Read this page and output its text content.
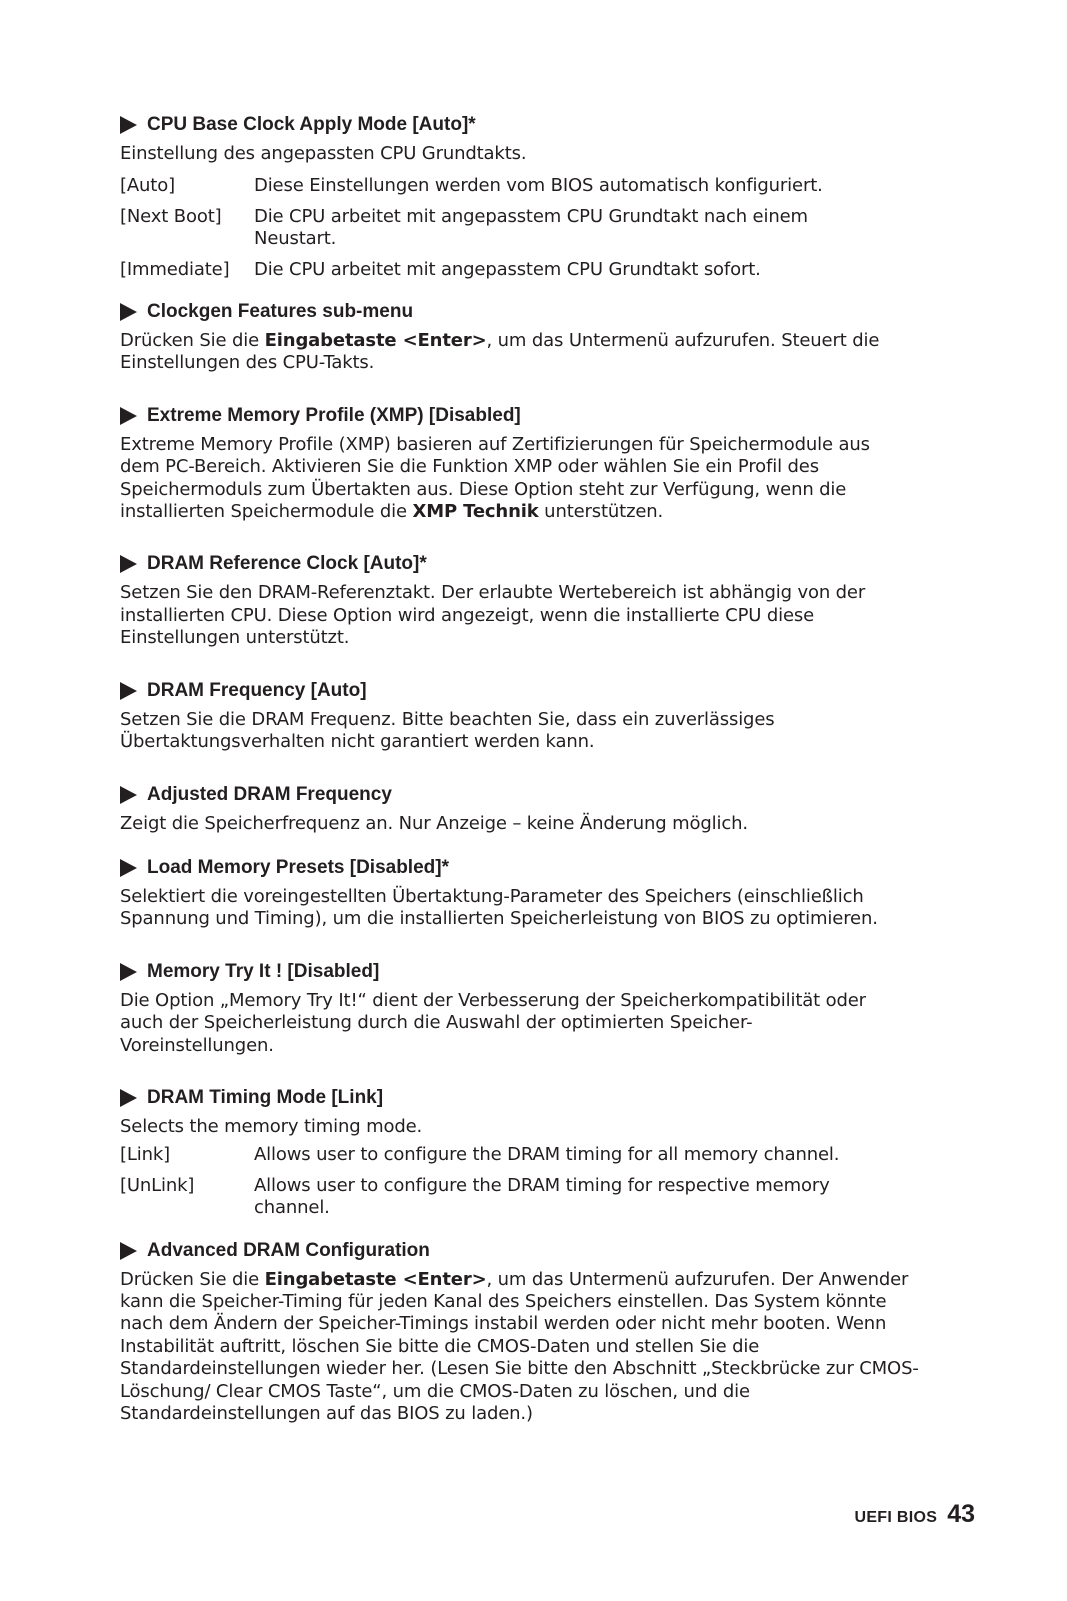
CPU Base Clock Apply Mode [Auto]*

Einstellung des angepassten CPU Grundtakts.

[Auto]	Diese Einstellungen werden vom BIOS automatisch konfiguriert.
[Next Boot]	Die CPU arbeitet mit angepasstem CPU Grundtakt nach einem Neustart.
[Immediate]	Die CPU arbeitet mit angepasstem CPU Grundtakt sofort.
Clockgen Features sub-menu

Drücken Sie die Eingabetaste <Enter>, um das Untermenü aufzurufen. Steuert die Einstellungen des CPU-Takts.

Extreme Memory Profile (XMP) [Disabled]

Extreme Memory Profile (XMP) basieren auf Zertifizierungen für Speichermodule aus dem PC-Bereich. Aktivieren Sie die Funktion XMP oder wählen Sie ein Profil des Speichermoduls zum Übertakten aus. Diese Option steht zur Verfügung, wenn die installierten Speichermodule die XMP Technik unterstützen.

DRAM Reference Clock [Auto]*

Setzen Sie den DRAM-Referenztakt. Der erlaubte Wertebereich ist abhängig von der installierten CPU. Diese Option wird angezeigt, wenn die installierte CPU diese Einstellungen unterstützt.

DRAM Frequency [Auto]

Setzen Sie die DRAM Frequenz. Bitte beachten Sie, dass ein zuverlässiges Übertaktungsverhalten nicht garantiert werden kann.

Adjusted DRAM Frequency

Zeigt die Speicherfrequenz an. Nur Anzeige – keine Änderung möglich.

Load Memory Presets [Disabled]*

Selektiert die voreingestellten Übertaktung-Parameter des Speichers (einschließlich Spannung und Timing), um die installierten Speicherleistung von BIOS zu optimieren.

Memory Try It ! [Disabled]

Die Option „Memory Try It!“ dient der Verbesserung der Speicherkompatibilität oder auch der Speicherleistung durch die Auswahl der optimierten Speicher-Voreinstellungen.

DRAM Timing Mode [Link]

Selects the memory timing mode.

[Link]	Allows user to configure the DRAM timing for all memory channel.
[UnLink]	Allows user to configure the DRAM timing for respective memory channel.
Advanced DRAM Configuration

Drücken Sie die Eingabetaste <Enter>, um das Untermenü aufzurufen. Der Anwender kann die Speicher-Timing für jeden Kanal des Speichers einstellen. Das System könnte nach dem Ändern der Speicher-Timings instabil werden oder nicht mehr booten. Wenn Instabilität auftritt, löschen Sie bitte die CMOS-Daten und stellen Sie die Standardeinstellungen wieder her. (Lesen Sie bitte den Abschnitt „Steckbrücke zur CMOS-Löschung/ Clear CMOS Taste“, um die CMOS-Daten zu löschen, und die Standardeinstellungen auf das BIOS zu laden.)

UEFI BIOS 43
